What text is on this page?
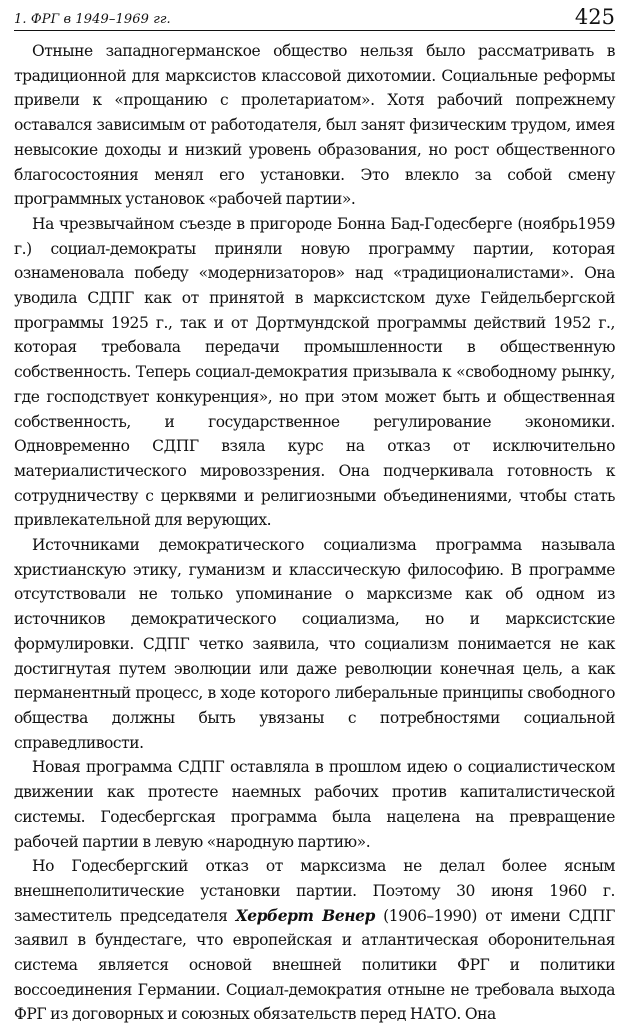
1. ФРГ в 1949–1969 гг.	425

Отныне западногерманское общество нельзя было рассматривать в традиционной для марксистов классовой дихотомии. Социальные реформы привели к «прощанию с пролетариатом». Хотя рабочий попрежнему оставался зависимым от работодателя, был занят физическим трудом, имея невысокие доходы и низкий уровень образования, но рост общественного благосостояния менял его установки. Это влекло за собой смену программных установок «рабочей партии».

На чрезвычайном съезде в пригороде Бонна Бад-Годесберге (ноябрь1959 г.) социал-демократы приняли новую программу партии, которая ознаменовала победу «модернизаторов» над «традиционалистами». Она уводила СДПГ как от принятой в марксистском духе Гейдельбергской программы 1925 г., так и от Дортмундской программы действий 1952 г., которая требовала передачи промышленности в общественную собственность. Теперь социал-демократия призывала к «свободному рынку, где господствует конкуренция», но при этом может быть и общественная собственность, и государственное регулирование экономики. Одновременно СДПГ взяла курс на отказ от исключительно материалистического мировоззрения. Она подчеркивала готовность к сотрудничеству с церквями и религиозными объединениями, чтобы стать привлекательной для верующих.

Источниками демократического социализма программа называла христианскую этику, гуманизм и классическую философию. В программе отсутствовали не только упоминание о марксизме как об одном из источников демократического социализма, но и марксистские формулировки. СДПГ четко заявила, что социализм понимается не как достигнутая путем эволюции или даже революции конечная цель, а как перманентный процесс, в ходе которого либеральные принципы свободного общества должны быть увязаны с потребностями социальной справедливости.

Новая программа СДПГ оставляла в прошлом идею о социалистическом движении как протесте наемных рабочих против капиталистической системы. Годесбергская программа была нацелена на превращение рабочей партии в левую «народную партию».

Но Годесбергский отказ от марксизма не делал более ясным внешнеполитические установки партии. Поэтому 30 июня 1960 г. заместитель председателя Херберт Венер (1906–1990) от имени СДПГ заявил в бундестаге, что европейская и атлантическая оборонительная система является основой внешней политики ФРГ и политики воссоединения Германии. Социал-демократия отныне не требовала выхода ФРГ из договорных и союзных обязательств перед НАТО. Она
